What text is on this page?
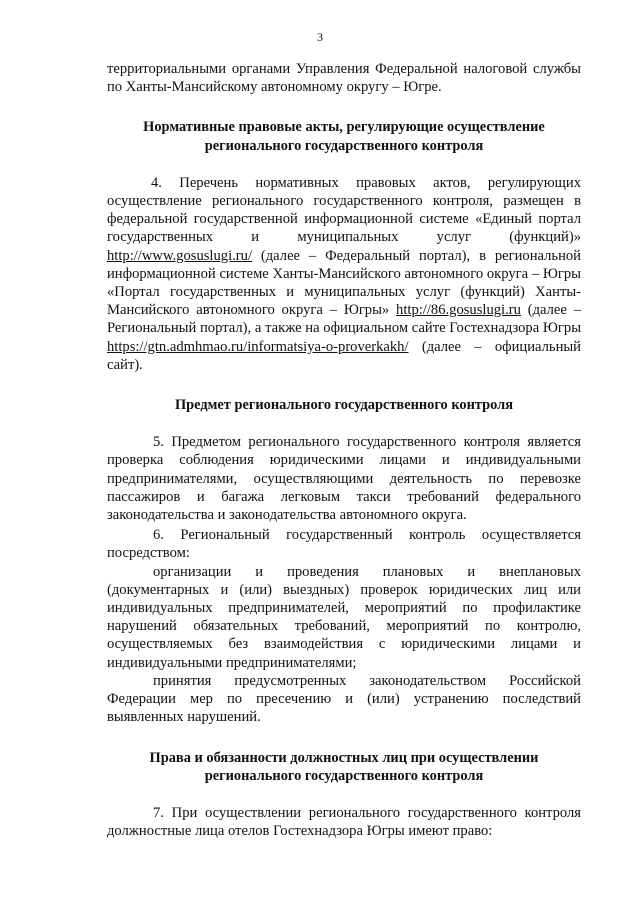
3

территориальными органами Управления Федеральной налоговой службы по Ханты-Мансийскому автономному округу – Югре.

Нормативные правовые акты, регулирующие осуществление
регионального государственного контроля

4. Перечень нормативных правовых актов, регулирующих осуществление регионального государственного контроля, размещен в федеральной государственной информационной системе «Единый портал государственных и муниципальных услуг (функций)» http://www.gosuslugi.ru/ (далее – Федеральный портал), в региональной информационной системе Ханты-Мансийского автономного округа – Югры «Портал государственных и муниципальных услуг (функций) Ханты-Мансийского автономного округа – Югры» http://86.gosuslugi.ru (далее – Региональный портал), а также на официальном сайте Гостехнадзора Югры https://gtn.admhmao.ru/informatsiya-o-proverkakh/ (далее – официальный сайт).

Предмет регионального государственного контроля

5. Предметом регионального государственного контроля является проверка соблюдения юридическими лицами и индивидуальными предпринимателями, осуществляющими деятельность по перевозке пассажиров и багажа легковым такси требований федерального законодательства и законодательства автономного округа.

6. Региональный государственный контроль осуществляется посредством:

организации и проведения плановых и внеплановых (документарных и (или) выездных) проверок юридических лиц или индивидуальных предпринимателей, мероприятий по профилактике нарушений обязательных требований, мероприятий по контролю, осуществляемых без взаимодействия с юридическими лицами и индивидуальными предпринимателями;

принятия предусмотренных законодательством Российской Федерации мер по пресечению и (или) устранению последствий выявленных нарушений.

Права и обязанности должностных лиц при осуществлении
регионального государственного контроля

7. При осуществлении регионального государственного контроля должностные лица отелов Гостехнадзора Югры имеют право:
